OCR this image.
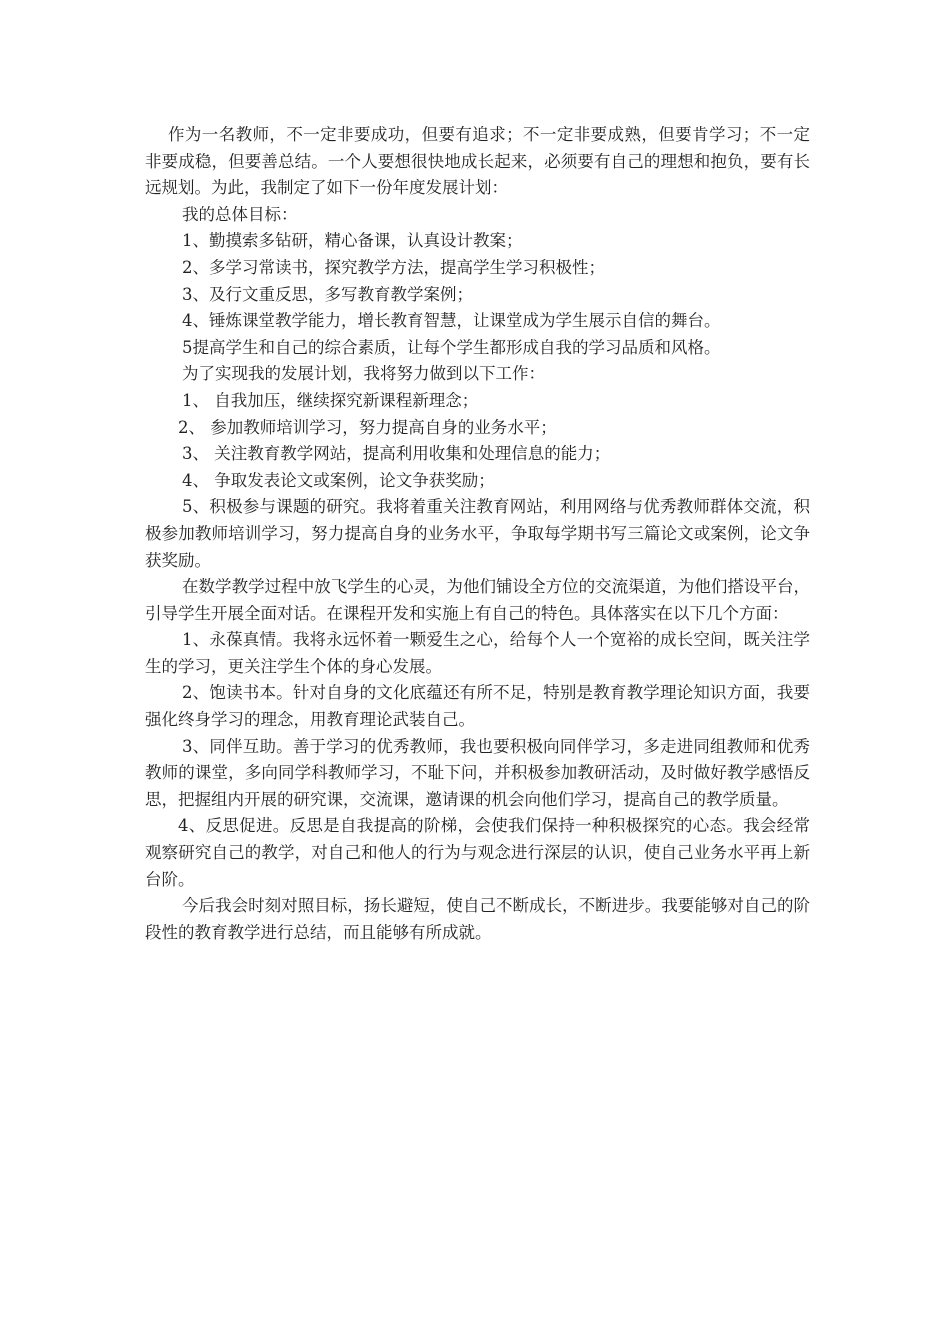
作为一名教师，不一定非要成功，但要有追求；不一定非要成熟，但要肯学习；不一定非要成稳，但要善总结。一个人要想很快地成长起来，必须要有自己的理想和抱负，要有长远规划。为此，我制定了如下一份年度发展计划：

我的总体目标：

1、勤摸索多钻研，精心备课，认真设计教案；

2、多学习常读书，探究教学方法，提高学生学习积极性；

3、及行文重反思，多写教育教学案例；

4、锤炼课堂教学能力，增长教育智慧，让课堂成为学生展示自信的舞台。

5提高学生和自己的综合素质，让每个学生都形成自我的学习品质和风格。

为了实现我的发展计划，我将努力做到以下工作：

1、 自我加压，继续探究新课程新理念；

2、 参加教师培训学习，努力提高自身的业务水平；

3、 关注教育教学网站，提高利用收集和处理信息的能力；

4、 争取发表论文或案例，论文争获奖励；

5、积极参与课题的研究。我将着重关注教育网站，利用网络与优秀教师群体交流，积极参加教师培训学习，努力提高自身的业务水平，争取每学期书写三篇论文或案例，论文争获奖励。

在数学教学过程中放飞学生的心灵，为他们铺设全方位的交流渠道，为他们搭设平台，引导学生开展全面对话。在课程开发和实施上有自己的特色。具体落实在以下几个方面：

1、永葆真情。我将永远怀着一颗爱生之心，给每个人一个宽裕的成长空间，既关注学生的学习，更关注学生个体的身心发展。

2、饱读书本。针对自身的文化底蕴还有所不足，特别是教育教学理论知识方面，我要强化终身学习的理念，用教育理论武装自己。

3、同伴互助。善于学习的优秀教师，我也要积极向同伴学习，多走进同组教师和优秀教师的课堂，多向同学科教师学习，不耻下问，并积极参加教研活动，及时做好教学感悟反思，把握组内开展的研究课，交流课，邀请课的机会向他们学习，提高自己的教学质量。

4、反思促进。反思是自我提高的阶梯，会使我们保持一种积极探究的心态。我会经常观察研究自己的教学，对自己和他人的行为与观念进行深层的认识，使自己业务水平再上新台阶。

今后我会时刻对照目标，扬长避短，使自己不断成长，不断进步。我要能够对自己的阶段性的教育教学进行总结，而且能够有所成就。
